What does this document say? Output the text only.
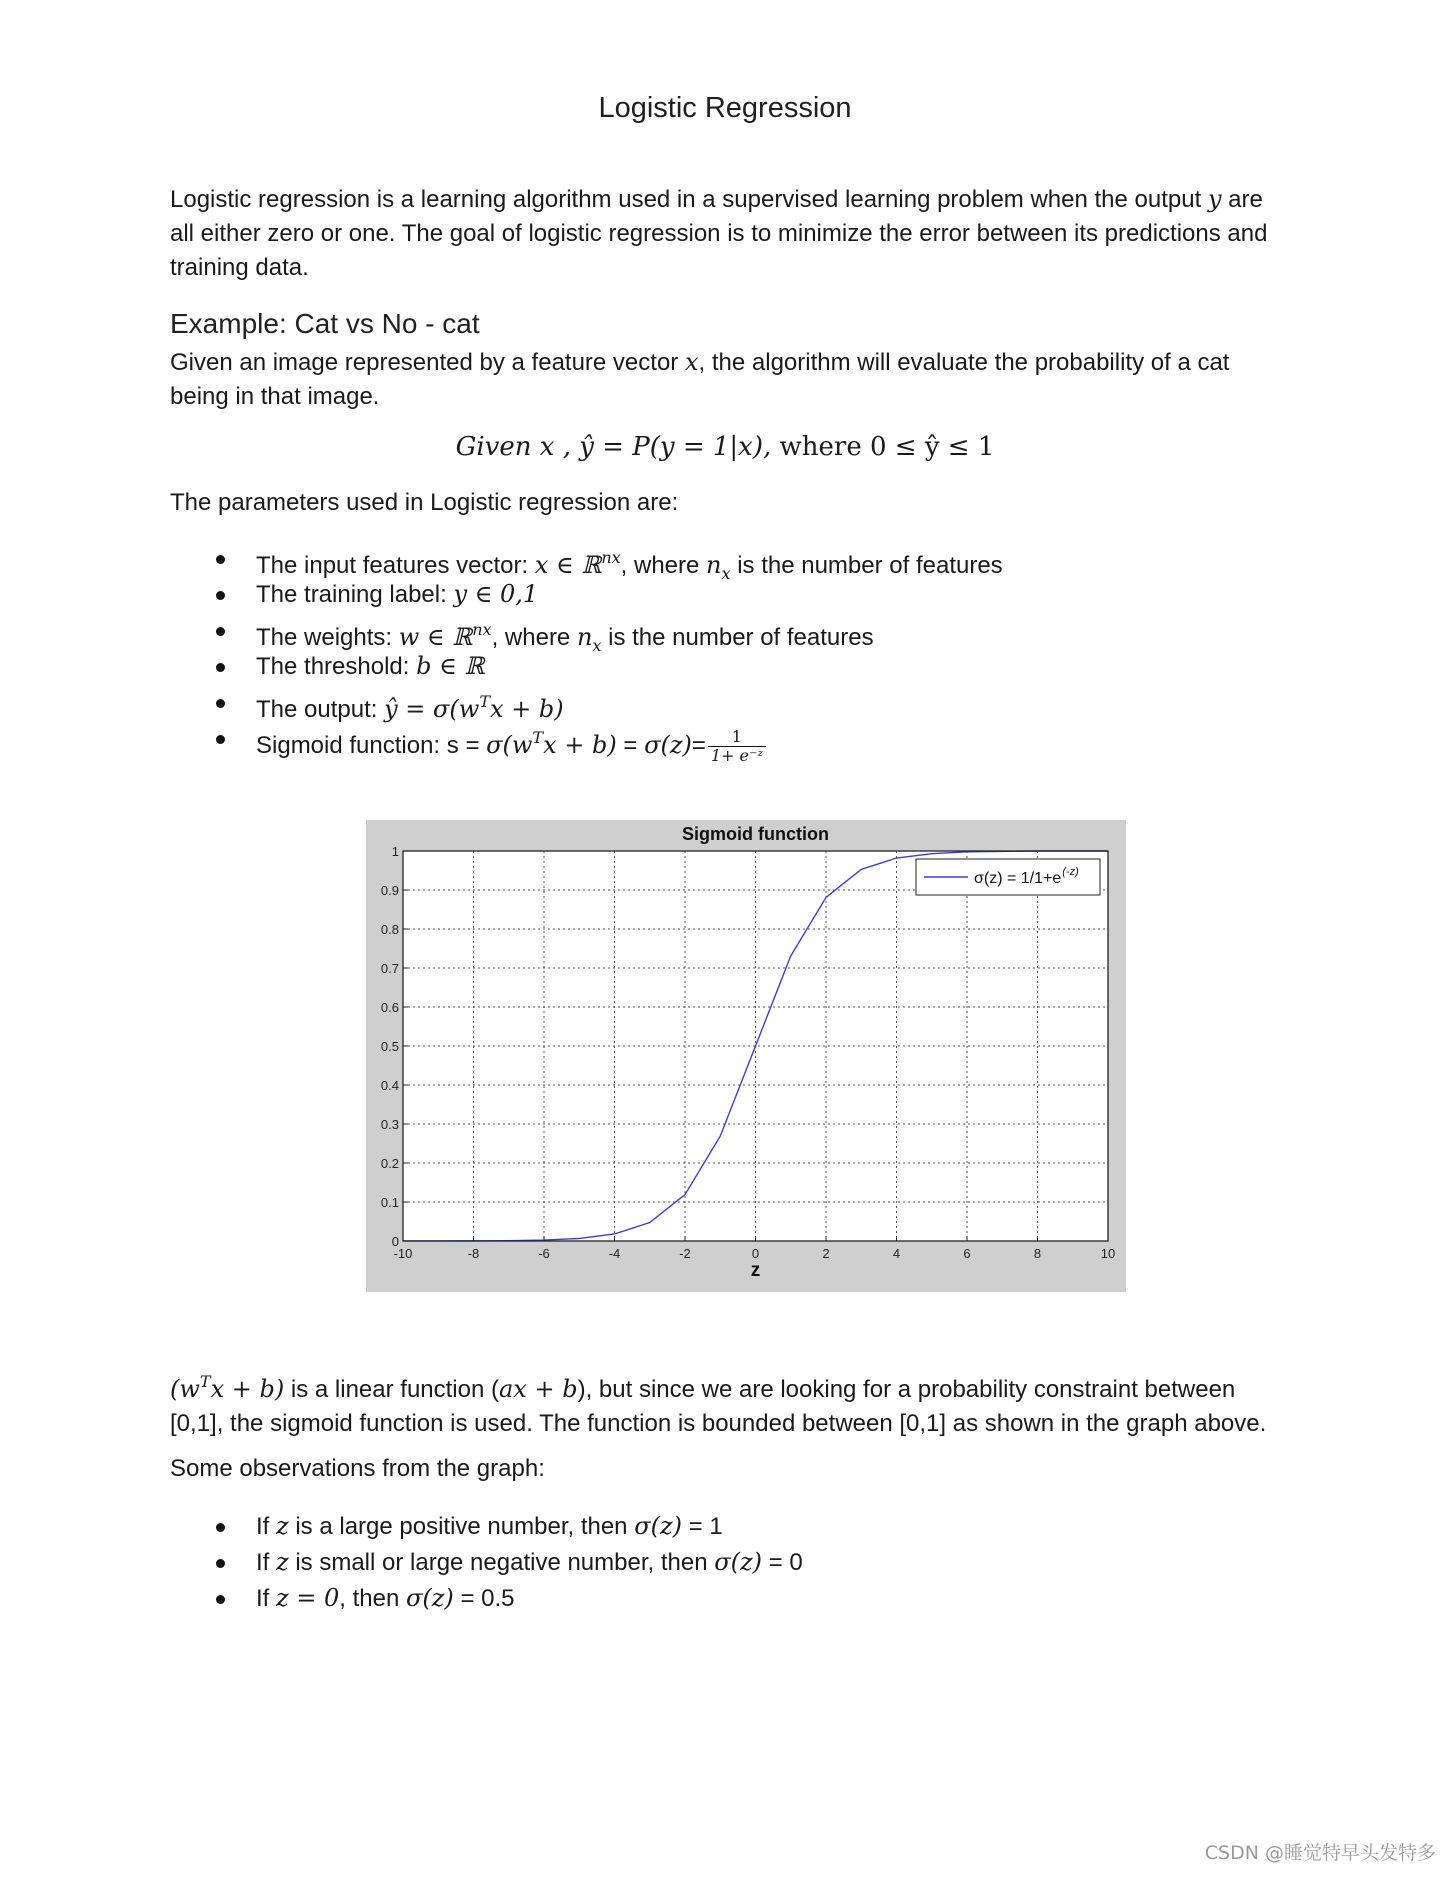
Logistic Regression

Logistic regression is a learning algorithm used in a supervised learning problem when the output y are all either zero or one. The goal of logistic regression is to minimize the error between its predictions and training data.

Example: Cat vs No - cat

Given an image represented by a feature vector x, the algorithm will evaluate the probability of a cat being in that image.

Given x , ŷ = P(y = 1|x), where 0 ≤ ŷ ≤ 1

The parameters used in Logistic regression are:

The input features vector: x ∈ ℝ$^{nx}$, where $n_x$ is the number of features
The training label: y ∈ 0,1
The weights: w ∈ ℝ$^{nx}$, where $n_x$ is the number of features
The threshold: b ∈ ℝ
The output: ŷ = $\sigma(w^Tx + b)$
Sigmoid function: $s = \sigma(w^Tx + b) = \sigma(z)= \frac{1}{\text{1+ e⁻ᶻ}}$
-10	-8	-6	-4	-2	0	2	4	6	8	10
0
0.1
0.2
0.3
0.4
0.5
0.6
0.7
0.8
0.9
1
Sigmoid function
z
σ(z) = 1/1+e (-z)

$(w^Tx + b)$ is a linear function (ax + b), but since we are looking for a probability constraint between [0,1], the sigmoid function is used. The function is bounded between [0,1] as shown in the graph above.

Some observations from the graph:

If z is a large positive number, then σ(z) = 1
If z is small or large negative number, then σ(z) = 0
If z = 0, then σ(z) = 0.5
CSDN @睡觉特早头发特多
